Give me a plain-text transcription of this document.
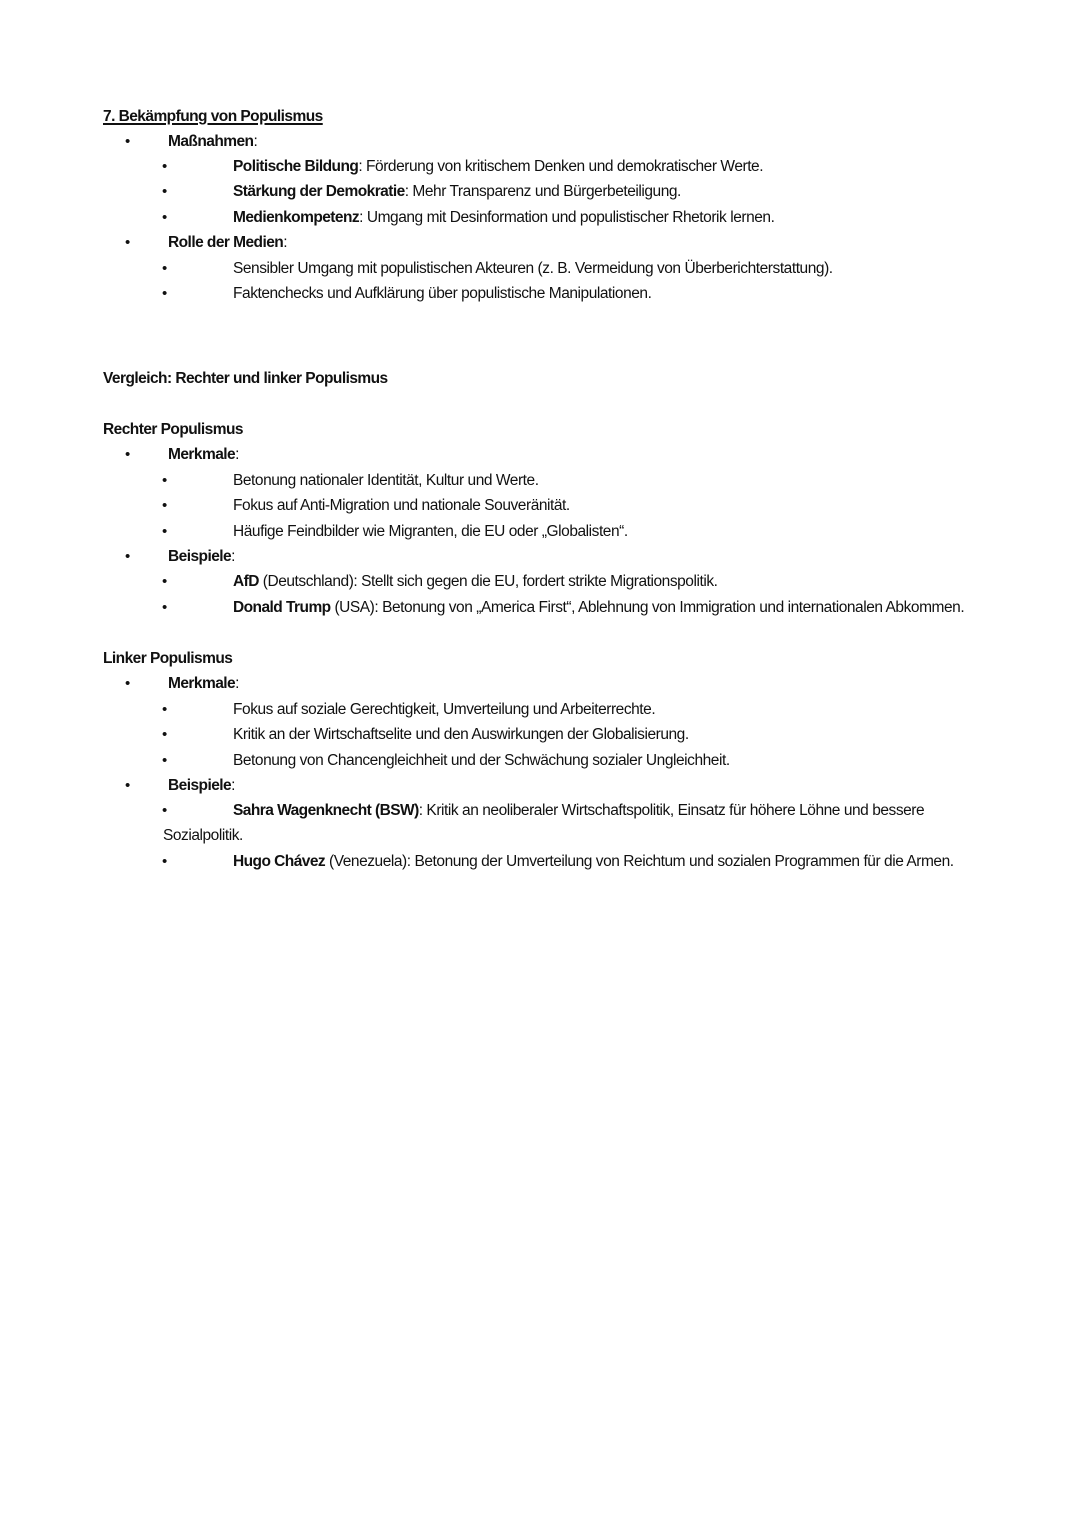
7. Bekämpfung von Populismus
• Maßnahmen:
•	Politische Bildung: Förderung von kritischem Denken und demokratischer Werte.
•	Stärkung der Demokratie: Mehr Transparenz und Bürgerbeteiligung.
•	Medienkompetenz: Umgang mit Desinformation und populistischer Rhetorik lernen.
• Rolle der Medien:
•	Sensibler Umgang mit populistischen Akteuren (z. B. Vermeidung von Überberichterstattung).
•	Faktenchecks und Aufklärung über populistische Manipulationen.
Vergleich: Rechter und linker Populismus
Rechter Populismus
• Merkmale:
•	Betonung nationaler Identität, Kultur und Werte.
•	Fokus auf Anti-Migration und nationale Souveränität.
•	Häufige Feindbilder wie Migranten, die EU oder „Globalisten“.
• Beispiele:
•	AfD (Deutschland): Stellt sich gegen die EU, fordert strikte Migrationspolitik.
•	Donald Trump (USA): Betonung von „America First“, Ablehnung von Immigration und internationalen Abkommen.
Linker Populismus
• Merkmale:
•	Fokus auf soziale Gerechtigkeit, Umverteilung und Arbeiterrechte.
•	Kritik an der Wirtschaftselite und den Auswirkungen der Globalisierung.
•	Betonung von Chancengleichheit und der Schwächung sozialer Ungleichheit.
• Beispiele:
•	Sahra Wagenknecht (BSW): Kritik an neoliberaler Wirtschaftspolitik, Einsatz für höhere Löhne und bessere
Sozialpolitik.
•	Hugo Chávez (Venezuela): Betonung der Umverteilung von Reichtum und sozialen Programmen für die Armen.
